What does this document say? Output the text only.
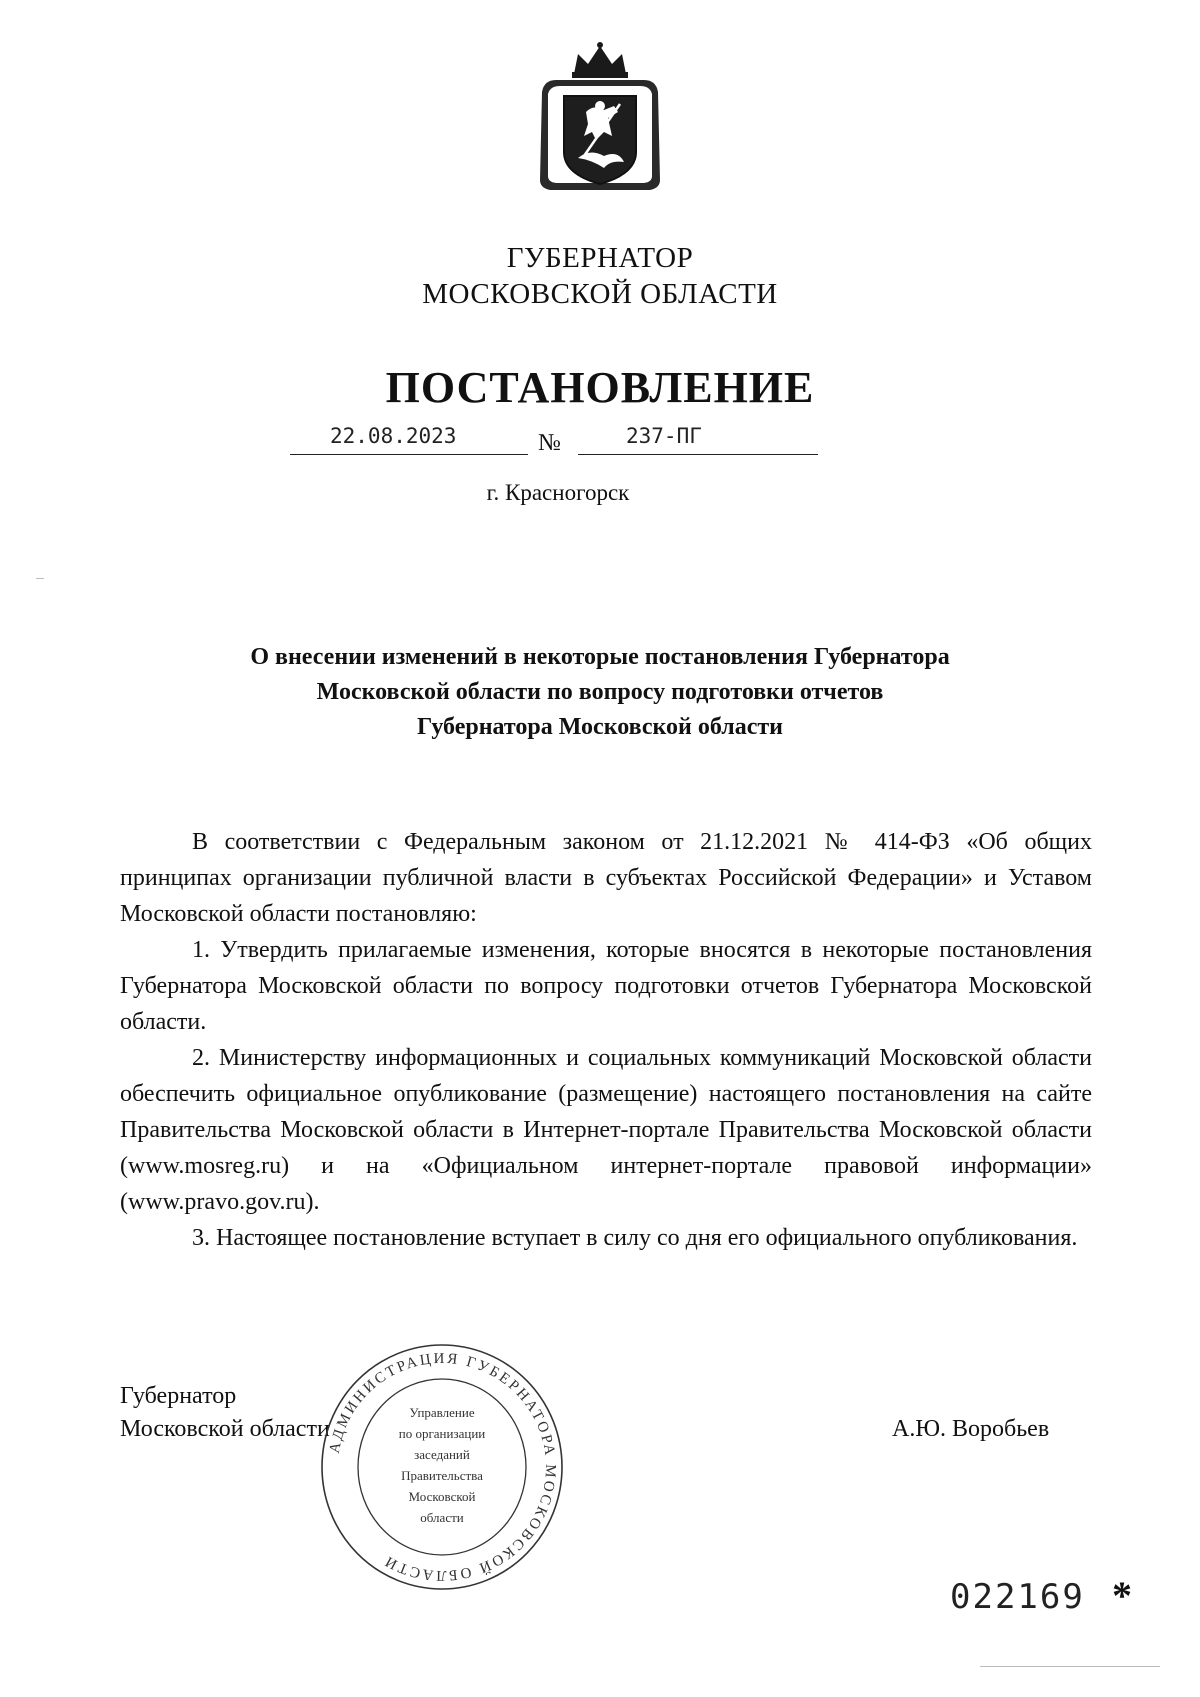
ГУБЕРНАТОР
МОСКОВСКОЙ ОБЛАСТИ
ПОСТАНОВЛЕНИЕ
22.08.2023	№	237-ПГ
г. Красногорск
О внесении изменений в некоторые постановления Губернатора
Московской области по вопросу подготовки отчетов
Губернатора Московской области

В соответствии с Федеральным законом от 21.12.2021 № 414-ФЗ «Об общих принципах организации публичной власти в субъектах Российской Федерации» и Уставом Московской области постановляю:

1. Утвердить прилагаемые изменения, которые вносятся в некоторые постановления Губернатора Московской области по вопросу подготовки отчетов Губернатора Московской области.

2. Министерству информационных и социальных коммуникаций Московской области обеспечить официальное опубликование (размещение) настоящего постановления на сайте Правительства Московской области в Интернет-портале Правительства Московской области (www.mosreg.ru) и на «Официальном интернет-портале правовой информации» (www.pravo.gov.ru).

3. Настоящее постановление вступает в силу со дня его официального опубликования.

Губернатор
Московской области	А.Ю. Воробьев
АДМИНИСТРАЦИЯ ГУБЕРНАТОРА МОСКОВСКОЙ ОБЛАСТИ
Управление
по организации
заседаний
Правительства
Московской
области
022169 *
